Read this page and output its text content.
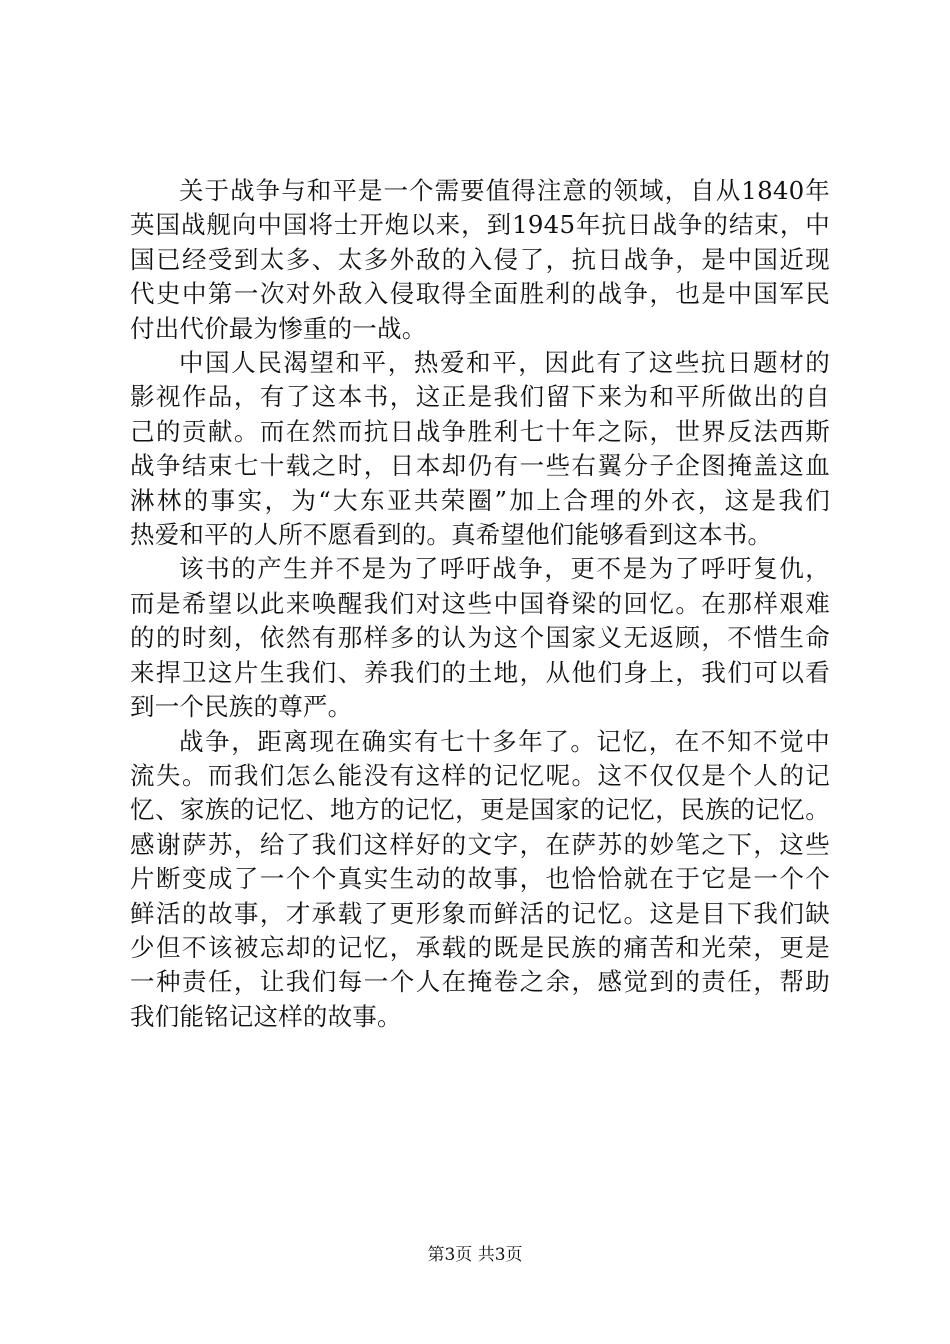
关于战争与和平是一个需要值得注意的领域，自从1840年
英国战舰向中国将士开炮以来，到1945年抗日战争的结束，中
国已经受到太多、太多外敌的入侵了，抗日战争，是中国近现
代史中第一次对外敌入侵取得全面胜利的战争，也是中国军民
付出代价最为惨重的一战。

中国人民渴望和平，热爱和平，因此有了这些抗日题材的
影视作品，有了这本书，这正是我们留下来为和平所做出的自
己的贡献。而在然而抗日战争胜利七十年之际，世界反法西斯
战争结束七十载之时，日本却仍有一些右翼分子企图掩盖这血
淋林的事实，为“大东亚共荣圈”加上合理的外衣，这是我们
热爱和平的人所不愿看到的。真希望他们能够看到这本书。

该书的产生并不是为了呼吁战争，更不是为了呼吁复仇，
而是希望以此来唤醒我们对这些中国脊梁的回忆。在那样艰难
的的时刻，依然有那样多的认为这个国家义无返顾，不惜生命
来捍卫这片生我们、养我们的土地，从他们身上，我们可以看
到一个民族的尊严。

战争，距离现在确实有七十多年了。记忆，在不知不觉中
流失。而我们怎么能没有这样的记忆呢。这不仅仅是个人的记
忆、家族的记忆、地方的记忆，更是国家的记忆，民族的记忆。
感谢萨苏，给了我们这样好的文字，在萨苏的妙笔之下，这些
片断变成了一个个真实生动的故事，也恰恰就在于它是一个个
鲜活的故事，才承载了更形象而鲜活的记忆。这是目下我们缺
少但不该被忘却的记忆，承载的既是民族的痛苦和光荣，更是
一种责任，让我们每一个人在掩卷之余，感觉到的责任，帮助
我们能铭记这样的故事。

第3页 共3页
